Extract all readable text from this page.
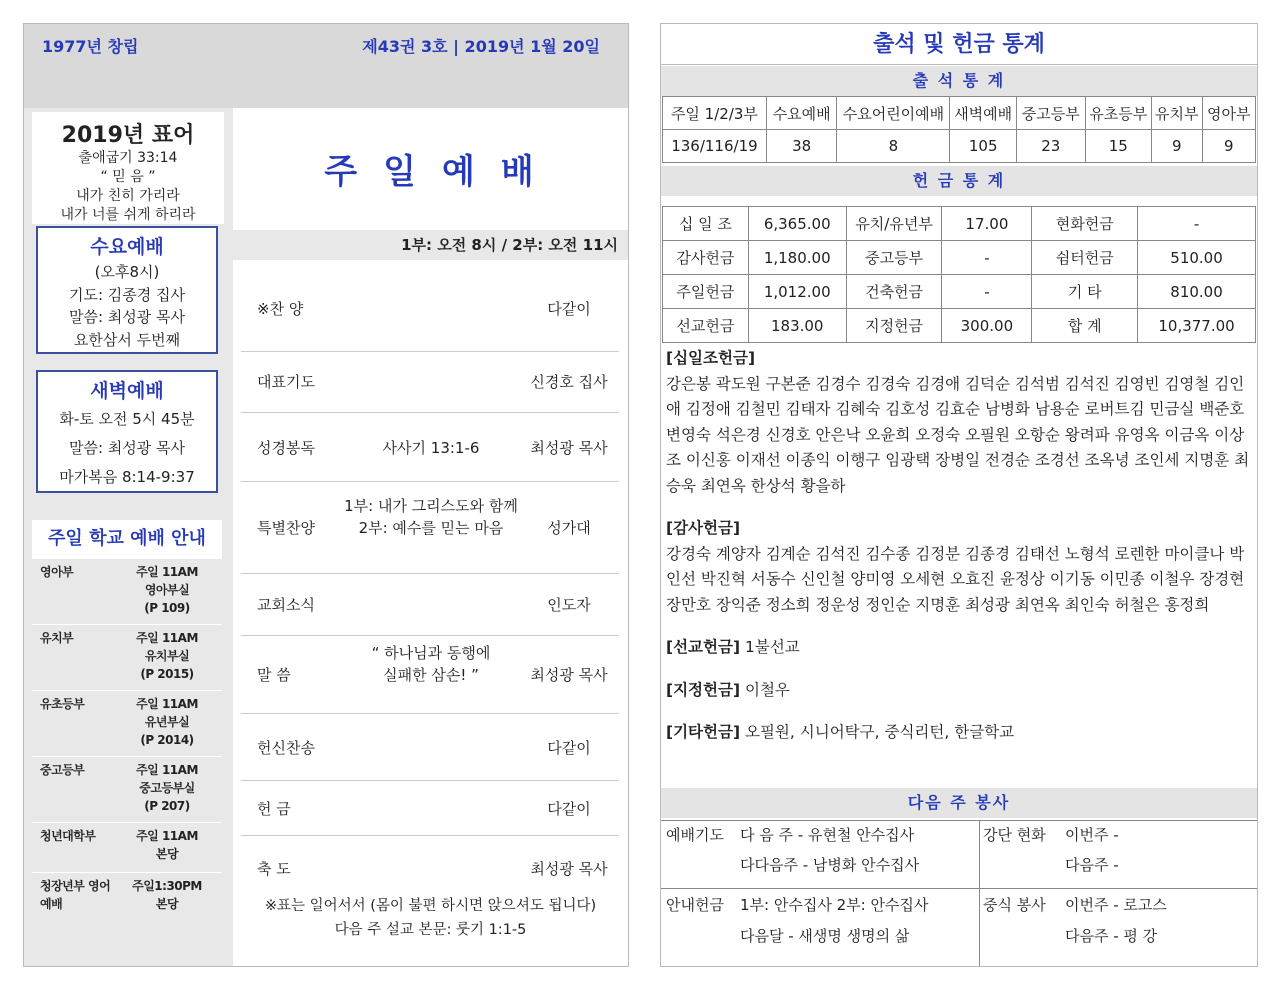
1977년 창립	제43권 3호 | 2019년 1월 20일
2019년 표어
출애굽기 33:14
“ 믿 음 ”
내가 친히 가리라
내가 너를 쉬게 하리라
수요예배
(오후8시)
기도: 김종경 집사
말씀: 최성광 목사
요한삼서 두번째
새벽예배
화-토 오전 5시 45분
말씀: 최성광 목사
마가복음 8:14-9:37
주일 학교 예배 안내
영아부	주일 11AM
영아부실
(P 109)
유치부	주일 11AM
유치부실
(P 2015)
유초등부	주일 11AM
유년부실
(P 2014)
중고등부	주일 11AM
중고등부실
(P 207)
청년대학부	주일 11AM
본당
청장년부 영어예배
주일1:30PM
본당
주일예배
1부: 오전 8시 / 2부: 오전 11시
※찬 양	다같이
대표기도	신경호 집사
성경봉독	사사기 13:1-6	최성광 목사
특별찬양
1부: 내가 그리스도와 함께
2부: 예수를 믿는 마음	성가대
교회소식	인도자
말 씀
“ 하나님과 동행에
실패한 삼손! ”	최성광 목사
헌신찬송	다같이
헌 금	다같이
축 도	최성광 목사
※표는 일어서서 (몸이 불편 하시면 앉으셔도 됩니다)
다음 주 설교 본문: 룻기 1:1-5
출석 및 헌금 통계
출 석 통 계
주일 1/2/3부	수요예배	수요어린이예배	새벽예배	중고등부	유초등부	유치부	영아부
136/116/19	38	8	105	23	15	9	9
헌 금 통 계
십 일 조	6,365.00	유치/유년부	17.00	현화헌금	-
감사헌금	1,180.00	중고등부	-	쉼터헌금	510.00
주일헌금	1,012.00	건축헌금	-	기 타	810.00
선교헌금	183.00	지정헌금	300.00	합 계	10,377.00
[십일조헌금]
강은봉 곽도원 구본준 김경수 김경숙 김경애 김덕순 김석범 김석진 김영빈 김영철 김인애 김정애 김철민 김태자 김혜숙 김호성 김효순 남병화 남용순 로버트김 민금실 백준호 변영숙 석은경 신경호 안은낙 오윤희 오정숙 오필원 오항순 왕려파 유영옥 이금옥 이상조 이신홍 이재선 이종익 이행구 임광택 장병일 전경순 조경선 조옥녕 조인세 지명훈 최승욱 최연옥 한상석 황을하
[감사헌금]
강경숙 계양자 김계순 김석진 김수종 김정분 김종경 김태선 노형석 로렌한 마이클나 박인선 박진혁 서동수 신인철 양미영 오세현 오효진 윤정상 이기동 이민종 이철우 장경현 장만호 장익준 정소희 정운성 정인순 지명훈 최성광 최연옥 최인숙 허철은 홍정희
[선교헌금] 1불선교
[지정헌금] 이철우
[기타헌금] 오필원, 시니어탁구, 중식리턴, 한글학교
다음 주 봉사
예배기도 다 음 주 - 유현철 안수집사
다다음주 - 남병화 안수집사
강단 현화 이번주 -
다음주 -
안내헌금 1부: 안수집사 2부: 안수집사
다음달 - 새생명 생명의 삶
중식 봉사 이번주 - 로고스
다음주 - 평 강
